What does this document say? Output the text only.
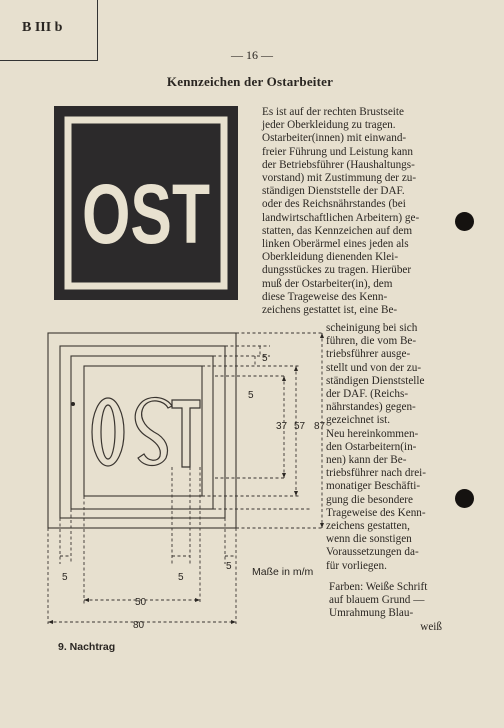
B III b
— 16 —
Kennzeichen der Ostarbeiter
OST
Es ist auf der rechten Brustseite
jeder Oberkleidung zu tragen.
Ostarbeiter(innen) mit einwand-
freier Führung und Leistung kann
der Betriebsführer (Haushaltungs-
vorstand) mit Zustimmung der zu-
ständigen Dienststelle der DAF.
oder des Reichsnährstandes (bei
landwirtschaftlichen Arbeitern) ge-
statten, das Kennzeichen auf dem
linken Oberärmel eines jeden als
Oberkleidung dienenden Klei-
dungsstückes zu tragen. Hierüber
muß der Ostarbeiter(in), dem
diese Trageweise des Kenn-
zeichens gestattet ist, eine Be-
scheinigung bei sich
führen, die vom Be-
triebsführer ausge-
stellt und von der zu-
ständigen Dienststelle
der DAF. (Reichs-
nährstandes) gegen-
gezeichnet ist.
Neu hereinkommen-
den Ostarbeitern(in-
nen) kann der Be-
triebsführer nach drei-
monatiger Beschäfti-
gung die besondere
Trageweise des Kenn-
zeichens gestatten,
wenn die sonstigen
Voraussetzungen da-
für vorliegen.
Farben: Weiße Schrift
auf blauem Grund —
Umrahmung Blau-
weiß
5
5
37 57 87
5	5
5
50
80
Maße in m/m
9. Nachtrag
